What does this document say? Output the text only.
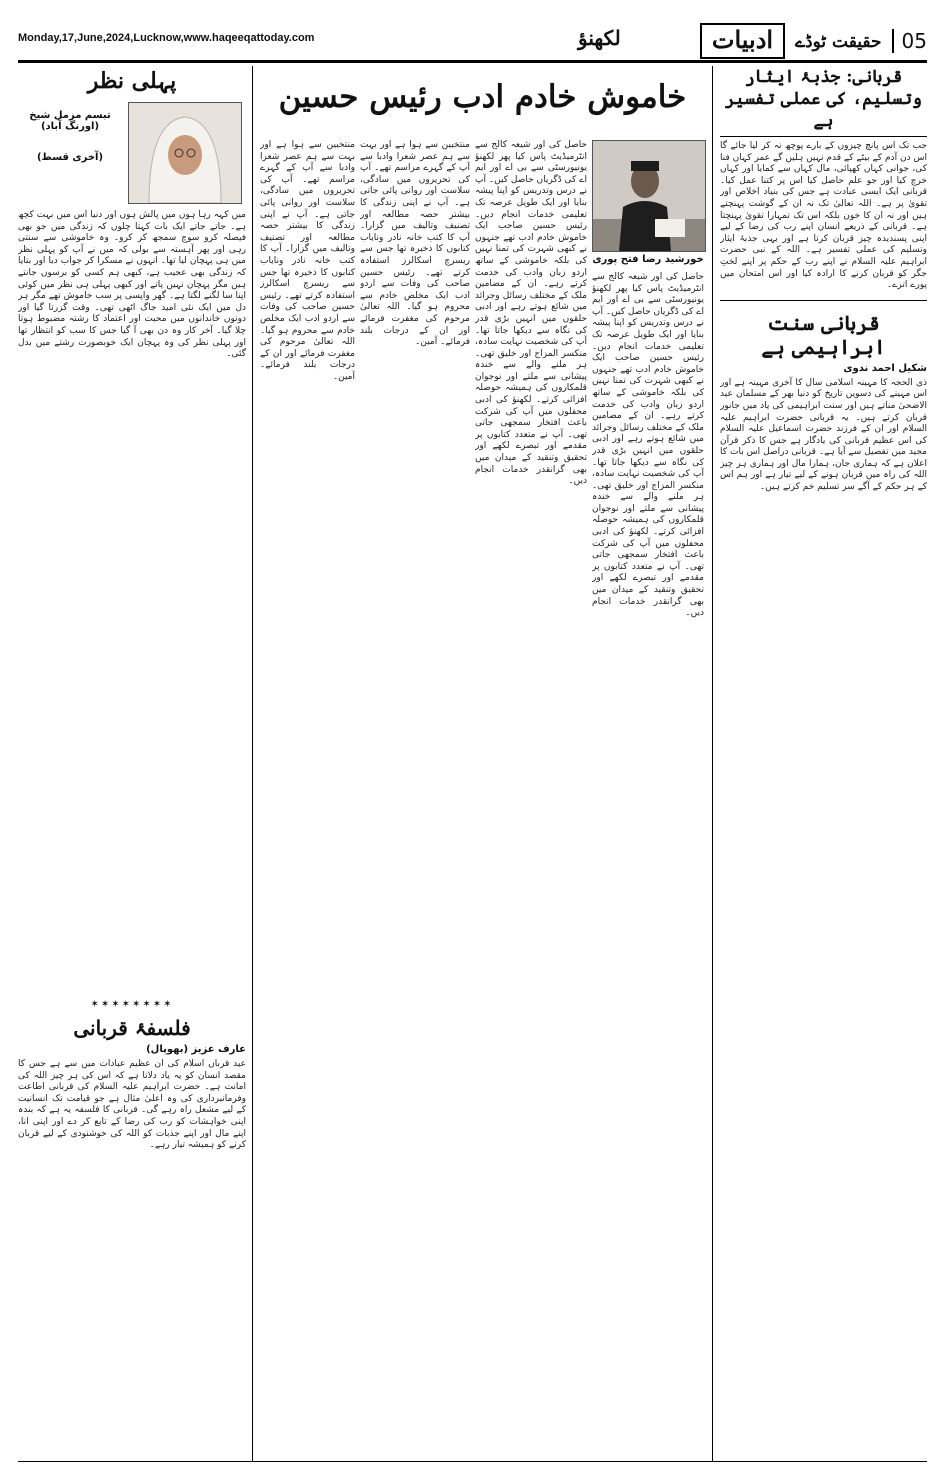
Monday,17,June,2024,Lucknow,www.haqeeqattoday.com	لکھنؤ	ادبیات	حقیقت ٹوڈے	05
قربانی: جذبۂ ایثار وتسلیم، کی عملی تفسیر ہے
جب تک اس پانچ چیزوں کے بارے پوچھ نہ کر لیا جائے گا اس دن آدم کے بیٹے کے قدم نہیں ہلیں گے عمر کہاں فنا کی، جوانی کہاں کھپائی، مال کہاں سے کمایا اور کہاں خرچ کیا اور جو علم حاصل کیا اس پر کتنا عمل کیا۔ قربانی ایک ایسی عبادت ہے جس کی بنیاد اخلاص اور تقویٰ پر ہے۔ اللہ تعالیٰ تک نہ ان کے گوشت پہنچتے ہیں اور نہ ان کا خون بلکہ اس تک تمہارا تقویٰ پہنچتا ہے۔ قربانی کے ذریعے انسان اپنے رب کی رضا کے لیے اپنی پسندیدہ چیز قربان کرتا ہے اور یہی جذبۂ ایثار وتسلیم کی عملی تفسیر ہے۔ اللہ کے نبی حضرت ابراہیم علیہ السلام نے اپنے رب کے حکم پر اپنے لختِ جگر کو قربان کرنے کا ارادہ کیا اور اس امتحان میں پورے اترے۔
قربانی سنت ابراہیمی ہے
شکیل احمد ندوی
ذی الحجہ کا مہینہ اسلامی سال کا آخری مہینہ ہے اور اس مہینے کی دسویں تاریخ کو دنیا بھر کے مسلمان عید الاضحیٰ مناتے ہیں اور سنت ابراہیمی کی یاد میں جانور قربان کرتے ہیں۔ یہ قربانی حضرت ابراہیم علیہ السلام اور ان کے فرزند حضرت اسماعیل علیہ السلام کی اس عظیم قربانی کی یادگار ہے جس کا ذکر قرآن مجید میں تفصیل سے آیا ہے۔ قربانی دراصل اس بات کا اعلان ہے کہ ہماری جان، ہمارا مال اور ہماری ہر چیز اللہ کی راہ میں قربان ہونے کے لیے تیار ہے اور ہم اس کے ہر حکم کے آگے سر تسلیم خم کرتے ہیں۔
خاموش خادم ادب رئیس حسین
خورشید رضا فتح پوری
حاصل کی اور شیعہ کالج سے انٹرمیڈیٹ پاس کیا پھر لکھنؤ یونیورسٹی سے بی اے اور ایم اے کی ڈگریاں حاصل کیں۔ آپ نے درس وتدریس کو اپنا پیشہ بنایا اور ایک طویل عرصہ تک تعلیمی خدمات انجام دیں۔ رئیس حسین صاحب ایک خاموش خادم ادب تھے جنہوں نے کبھی شہرت کی تمنا نہیں کی بلکہ خاموشی کے ساتھ اردو زبان وادب کی خدمت کرتے رہے۔ ان کے مضامین ملک کے مختلف رسائل وجرائد میں شائع ہوتے رہے اور ادبی حلقوں میں انہیں بڑی قدر کی نگاہ سے دیکھا جاتا تھا۔ آپ کی شخصیت نہایت سادہ، منکسر المزاج اور خلیق تھی۔ ہر ملنے والے سے خندہ پیشانی سے ملتے اور نوجوان قلمکاروں کی ہمیشہ حوصلہ افزائی کرتے۔ لکھنؤ کی ادبی محفلوں میں آپ کی شرکت باعث افتخار سمجھی جاتی تھی۔ آپ نے متعدد کتابوں پر مقدمے اور تبصرے لکھے اور تحقیق وتنقید کے میدان میں بھی گرانقدر خدمات انجام دیں۔
حاصل کی اور شیعہ کالج سے انٹرمیڈیٹ پاس کیا پھر لکھنؤ یونیورسٹی سے بی اے اور ایم اے کی ڈگریاں حاصل کیں۔ آپ نے درس وتدریس کو اپنا پیشہ بنایا اور ایک طویل عرصہ تک تعلیمی خدمات انجام دیں۔ رئیس حسین صاحب ایک خاموش خادم ادب تھے جنہوں نے کبھی شہرت کی تمنا نہیں کی بلکہ خاموشی کے ساتھ اردو زبان وادب کی خدمت کرتے رہے۔ ان کے مضامین ملک کے مختلف رسائل وجرائد میں شائع ہوتے رہے اور ادبی حلقوں میں انہیں بڑی قدر کی نگاہ سے دیکھا جاتا تھا۔ آپ کی شخصیت نہایت سادہ، منکسر المزاج اور خلیق تھی۔ ہر ملنے والے سے خندہ پیشانی سے ملتے اور نوجوان قلمکاروں کی ہمیشہ حوصلہ افزائی کرتے۔ لکھنؤ کی ادبی محفلوں میں آپ کی شرکت باعث افتخار سمجھی جاتی تھی۔ آپ نے متعدد کتابوں پر مقدمے اور تبصرے لکھے اور تحقیق وتنقید کے میدان میں بھی گرانقدر خدمات انجام دیں۔
منتخبین سے ہوا ہے اور بہت سے ہم عصر شعرا وادبا سے آپ کے گہرے مراسم تھے۔ آپ کی تحریروں میں سادگی، سلاست اور روانی پائی جاتی ہے۔ آپ نے اپنی زندگی کا بیشتر حصہ مطالعہ اور تصنیف وتالیف میں گزارا۔ آپ کا کتب خانہ نادر ونایاب کتابوں کا ذخیرہ تھا جس سے ریسرچ اسکالرز استفادہ کرتے تھے۔ رئیس حسین صاحب کی وفات سے اردو ادب ایک مخلص خادم سے محروم ہو گیا۔ اللہ تعالیٰ مرحوم کی مغفرت فرمائے اور ان کے درجات بلند فرمائے۔ آمین۔
منتخبین سے ہوا ہے اور بہت سے ہم عصر شعرا وادبا سے آپ کے گہرے مراسم تھے۔ آپ کی تحریروں میں سادگی، سلاست اور روانی پائی جاتی ہے۔ آپ نے اپنی زندگی کا بیشتر حصہ مطالعہ اور تصنیف وتالیف میں گزارا۔ آپ کا کتب خانہ نادر ونایاب کتابوں کا ذخیرہ تھا جس سے ریسرچ اسکالرز استفادہ کرتے تھے۔ رئیس حسین صاحب کی وفات سے اردو ادب ایک مخلص خادم سے محروم ہو گیا۔ اللہ تعالیٰ مرحوم کی مغفرت فرمائے اور ان کے درجات بلند فرمائے۔ آمین۔
پہلی نظر
تبسم مزمل شیخ (اورنگ آباد)
(آخری قسط)
میں کہہ رہا ہوں میں پالش ہوں اور دنیا اس میں بہت کچھ ہے۔ جاتے جاتے ایک بات کہتا چلوں کہ زندگی میں جو بھی فیصلہ کرو سوچ سمجھ کر کرو۔ وہ خاموشی سے سنتی رہی اور پھر آہستہ سے بولی کہ میں نے آپ کو پہلی نظر میں ہی پہچان لیا تھا۔ انہوں نے مسکرا کر جواب دیا اور بتایا کہ زندگی بھی عجیب ہے، کبھی ہم کسی کو برسوں جانتے ہیں مگر پہچان نہیں پاتے اور کبھی پہلی ہی نظر میں کوئی اپنا سا لگنے لگتا ہے۔ گھر واپسی پر سب خاموش تھے مگر ہر دل میں ایک نئی امید جاگ اٹھی تھی۔ وقت گزرتا گیا اور دونوں خاندانوں میں محبت اور اعتماد کا رشتہ مضبوط ہوتا چلا گیا۔ آخر کار وہ دن بھی آ گیا جس کا سب کو انتظار تھا اور پہلی نظر کی وہ پہچان ایک خوبصورت رشتے میں بدل گئی۔
✶✶✶✶✶✶✶✶
فلسفۂ قربانی
عارف عزیز (بھوپال)
عید قرباں اسلام کی ان عظیم عبادات میں سے ہے جس کا مقصد انسان کو یہ یاد دلانا ہے کہ اس کی ہر چیز اللہ کی امانت ہے۔ حضرت ابراہیم علیہ السلام کی قربانی اطاعت وفرمانبرداری کی وہ اعلیٰ مثال ہے جو قیامت تک انسانیت کے لیے مشعل راہ رہے گی۔ قربانی کا فلسفہ یہ ہے کہ بندہ اپنی خواہشات کو رب کی رضا کے تابع کر دے اور اپنی انا، اپنے مال اور اپنے جذبات کو اللہ کی خوشنودی کے لیے قربان کرنے کو ہمیشہ تیار رہے۔
